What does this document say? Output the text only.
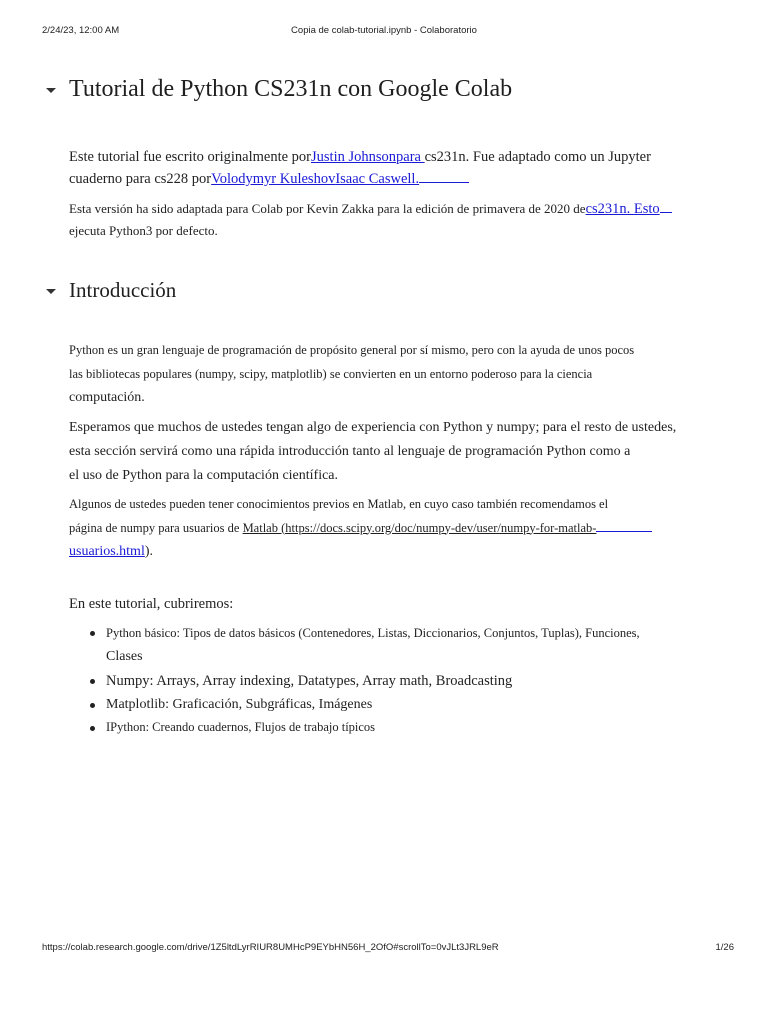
2/24/23, 12:00 AM	Copia de colab-tutorial.ipynb - Colaboratorio
Tutorial de Python CS231n con Google Colab
Este tutorial fue escrito originalmente porJustin Johnsonpara cs231n. Fue adaptado como un Jupyter
cuaderno para cs228 porVolodymyr KuleshovIsaac Caswell.
Esta versión ha sido adaptada para Colab por Kevin Zakka para la edición de primavera de 2020 decs231n. Esto
ejecuta Python3 por defecto.
Introducción
Python es un gran lenguaje de programación de propósito general por sí mismo, pero con la ayuda de unos pocos
las bibliotecas populares (numpy, scipy, matplotlib) se convierten en un entorno poderoso para la ciencia
computación.
Esperamos que muchos de ustedes tengan algo de experiencia con Python y numpy; para el resto de ustedes,
esta sección servirá como una rápida introducción tanto al lenguaje de programación Python como a
el uso de Python para la computación científica.
Algunos de ustedes pueden tener conocimientos previos en Matlab, en cuyo caso también recomendamos el
página de numpy para usuarios de Matlab (https://docs.scipy.org/doc/numpy-dev/user/numpy-for-matlab-
usuarios.html).
En este tutorial, cubriremos:
Python básico: Tipos de datos básicos (Contenedores, Listas, Diccionarios, Conjuntos, Tuplas), Funciones,
Clases
Numpy: Arrays, Array indexing, Datatypes, Array math, Broadcasting
Matplotlib: Graficación, Subgráficas, Imágenes
IPython: Creando cuadernos, Flujos de trabajo típicos
https://colab.research.google.com/drive/1Z5ltdLyrRIUR8UMHcP9EYbHN56H_2OfO#scrollTo=0vJLt3JRL9eR	1/26
